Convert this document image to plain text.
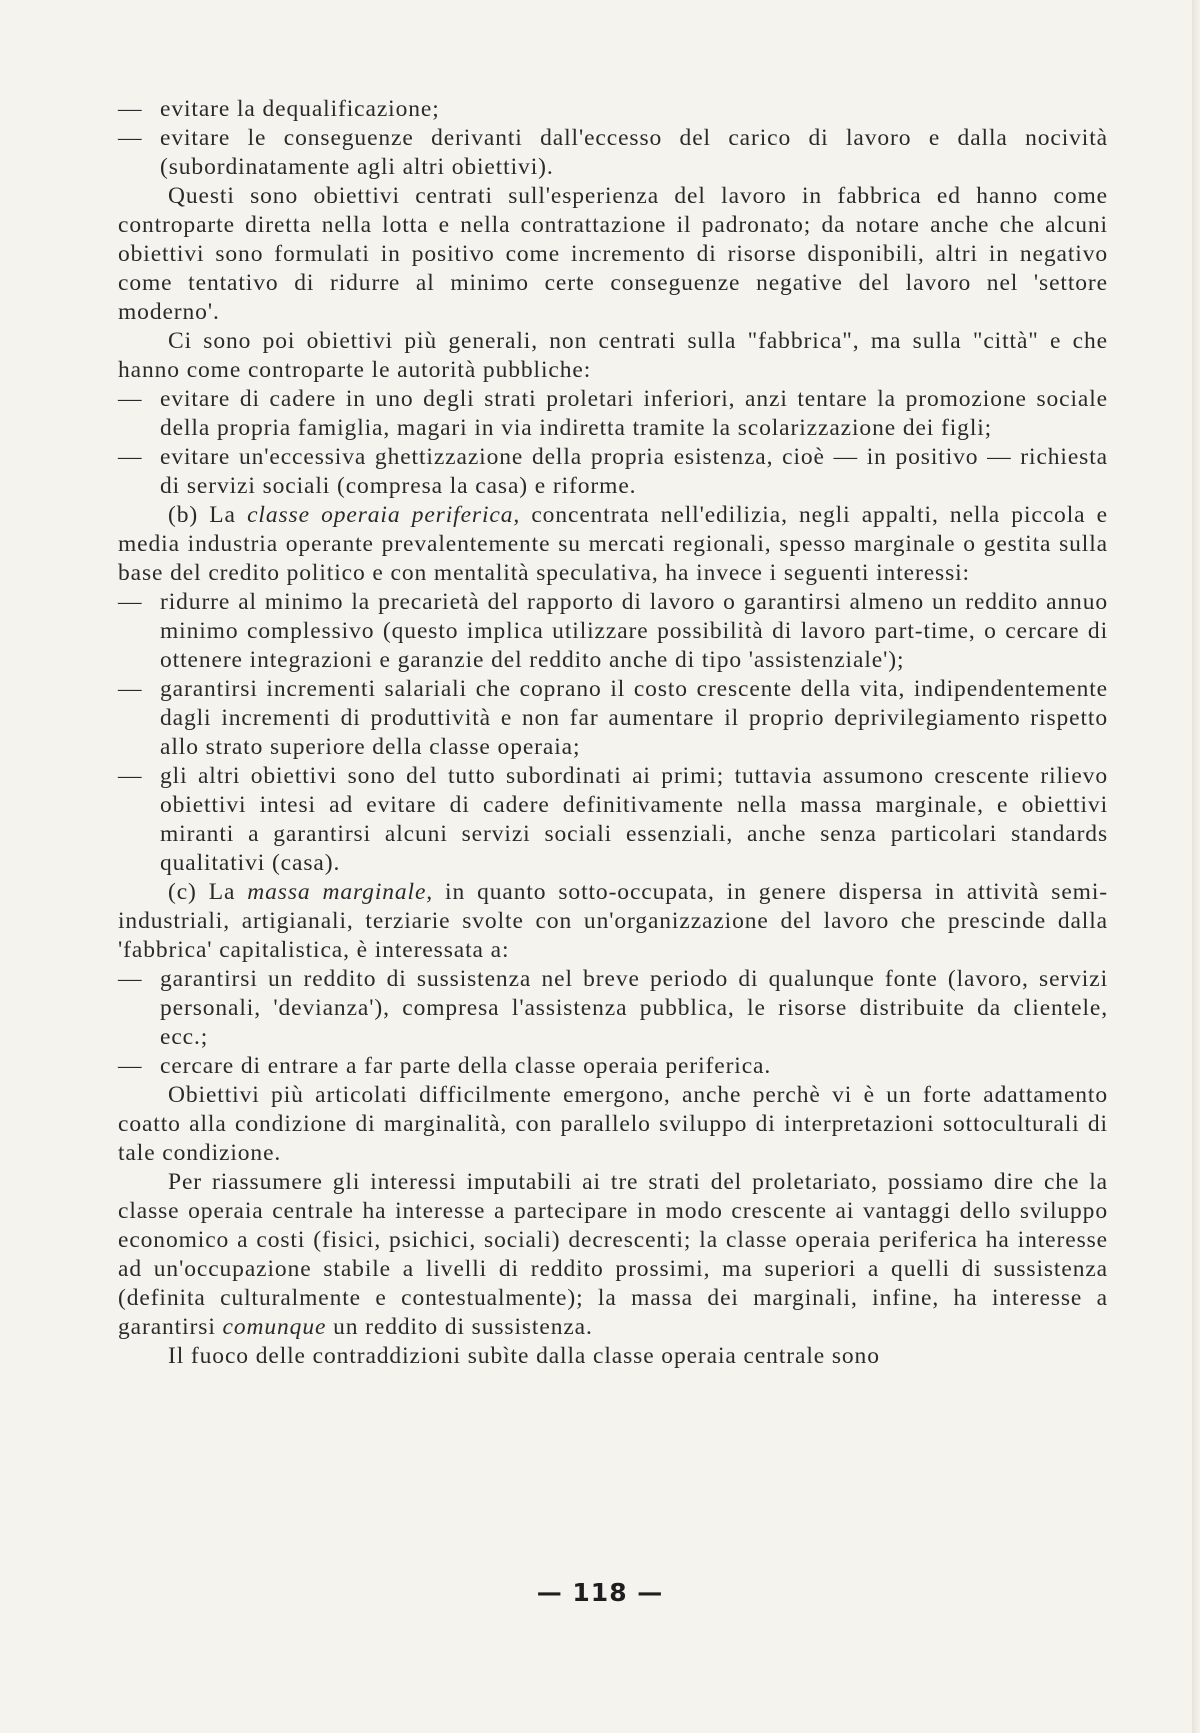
— evitare la dequalificazione;

— evitare le conseguenze derivanti dall'eccesso del carico di lavoro e dalla nocività (subordinatamente agli altri obiettivi).

Questi sono obiettivi centrati sull'esperienza del lavoro in fabbrica ed hanno come controparte diretta nella lotta e nella contrattazione il padronato; da notare anche che alcuni obiettivi sono formulati in positivo come incremento di risorse disponibili, altri in negativo come tentativo di ridurre al minimo certe conseguenze negative del lavoro nel 'settore moderno'.

Ci sono poi obiettivi più generali, non centrati sulla "fabbrica", ma sulla "città" e che hanno come controparte le autorità pubbliche:

— evitare di cadere in uno degli strati proletari inferiori, anzi tentare la promozione sociale della propria famiglia, magari in via indiretta tramite la scolarizzazione dei figli;

— evitare un'eccessiva ghettizzazione della propria esistenza, cioè — in positivo — richiesta di servizi sociali (compresa la casa) e riforme.

(b) La classe operaia periferica, concentrata nell'edilizia, negli appalti, nella piccola e media industria operante prevalentemente su mercati regionali, spesso marginale o gestita sulla base del credito politico e con mentalità speculativa, ha invece i seguenti interessi:

— ridurre al minimo la precarietà del rapporto di lavoro o garantirsi almeno un reddito annuo minimo complessivo (questo implica utilizzare possibilità di lavoro part-time, o cercare di ottenere integrazioni e garanzie del reddito anche di tipo 'assistenziale');

— garantirsi incrementi salariali che coprano il costo crescente della vita, indipendentemente dagli incrementi di produttività e non far aumentare il proprio deprivilegiamento rispetto allo strato superiore della classe operaia;

— gli altri obiettivi sono del tutto subordinati ai primi; tuttavia assumono crescente rilievo obiettivi intesi ad evitare di cadere definitivamente nella massa marginale, e obiettivi miranti a garantirsi alcuni servizi sociali essenziali, anche senza particolari standards qualitativi (casa).

(c) La massa marginale, in quanto sotto-occupata, in genere dispersa in attività semi-industriali, artigianali, terziarie svolte con un'organizzazione del lavoro che prescinde dalla 'fabbrica' capitalistica, è interessata a:

— garantirsi un reddito di sussistenza nel breve periodo di qualunque fonte (lavoro, servizi personali, 'devianza'), compresa l'assistenza pubblica, le risorse distribuite da clientele, ecc.;

— cercare di entrare a far parte della classe operaia periferica.

Obiettivi più articolati difficilmente emergono, anche perchè vi è un forte adattamento coatto alla condizione di marginalità, con parallelo sviluppo di interpretazioni sottoculturali di tale condizione.

Per riassumere gli interessi imputabili ai tre strati del proletariato, possiamo dire che la classe operaia centrale ha interesse a partecipare in modo crescente ai vantaggi dello sviluppo economico a costi (fisici, psichici, sociali) decrescenti; la classe operaia periferica ha interesse ad un'occupazione stabile a livelli di reddito prossimi, ma superiori a quelli di sussistenza (definita culturalmente e contestualmente); la massa dei marginali, infine, ha interesse a garantirsi comunque un reddito di sussistenza.

Il fuoco delle contraddizioni subìte dalla classe operaia centrale sono

— 118 —
